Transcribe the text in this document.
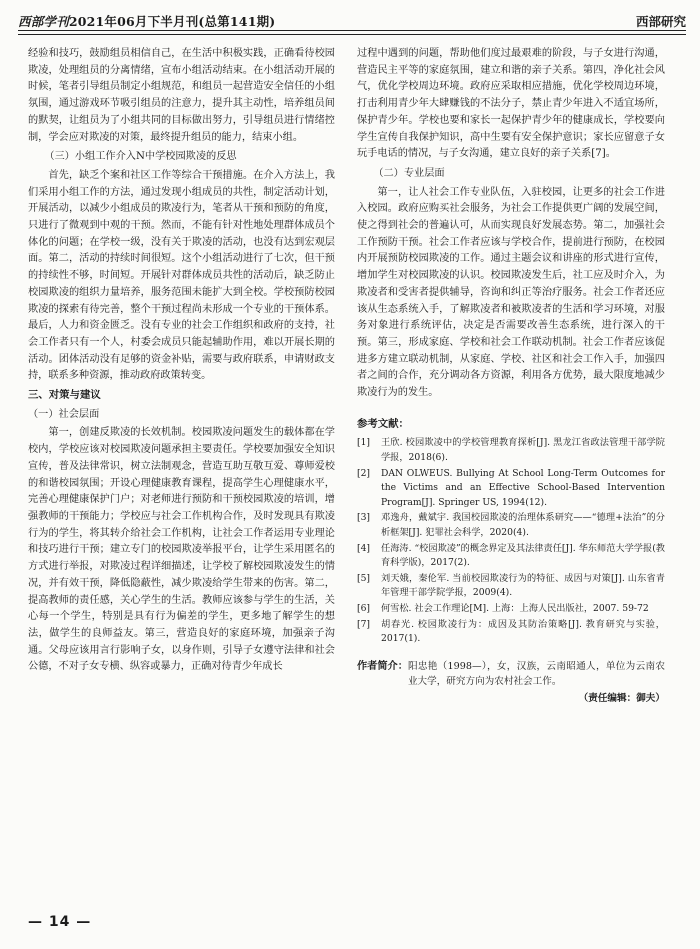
西部学刊2021年06月下半月刊(总第141期)	西部研究

经验和技巧，鼓励组员相信自己，在生活中积极实践，正确看待校园欺凌，处理组员的分离情绪，宣布小组活动结束。在小组活动开展的时候，笔者引导组员制定小组规范，和组员一起营造安全信任的小组氛围，通过游戏环节吸引组员的注意力，提升其主动性，培养组员间的默契，让组员为了小组共同的目标做出努力，引导组员进行情绪控制，学会应对欺凌的对策，最终提升组员的能力，结束小组。

（三）小组工作介入N中学校园欺凌的反思

首先，缺乏个案和社区工作等综合干预措施。在介入方法上，我们采用小组工作的方法，通过发现小组成员的共性，制定活动计划，开展活动，以减少小组成员的欺凌行为，笔者从干预和预防的角度，只进行了微观到中观的干预。然而，不能有针对性地处理群体成员个体化的问题；在学校一级，没有关于欺凌的活动，也没有达到宏观层面。第二，活动的持续时间很短。这个小组活动进行了七次，但干预的持续性不够，时间短。开展针对群体成员共性的活动后，缺乏防止校园欺凌的组织力量培养，服务范围未能扩大到全校。学校预防校园欺凌的探索有待完善，整个干预过程尚未形成一个专业的干预体系。最后，人力和资金匮乏。没有专业的社会工作组织和政府的支持，社会工作者只有一个人，村委会成员只能起辅助作用，难以开展长期的活动。团体活动没有足够的资金补贴，需要与政府联系，申请财政支持，联系多种资源，推动政府政策转变。

三、对策与建议
（一）社会层面

第一，创建反欺凌的长效机制。校园欺凌问题发生的载体都在学校内，学校应该对校园欺凌问题承担主要责任。学校要加强安全知识宣传，普及法律常识，树立法制观念，营造互助互敬互爱、尊师爱校的和谐校园氛围；开设心理健康教育课程，提高学生心理健康水平，完善心理健康保护门户；对老师进行预防和干预校园欺凌的培训，增强教师的干预能力；学校应与社会工作机构合作，及时发现具有欺凌行为的学生，将其转介给社会工作机构，让社会工作者运用专业理论和技巧进行干预；建立专门的校园欺凌举报平台，让学生采用匿名的方式进行举报，对欺凌过程详细描述，让学校了解校园欺凌发生的情况，并有效干预，降低隐蔽性，减少欺凌给学生带来的伤害。第二，提高教师的责任感，关心学生的生活。教师应该参与学生的生活，关心每一个学生，特别是具有行为偏差的学生，更多地了解学生的想法，做学生的良师益友。第三，营造良好的家庭环境，加强亲子沟通。父母应该用言行影响子女，以身作则，引导子女遵守法律和社会公德，不对子女专横、纵容或暴力，正确对待青少年成长

过程中遇到的问题，帮助他们度过最艰难的阶段，与子女进行沟通，营造民主平等的家庭氛围，建立和谐的亲子关系。第四，净化社会风气，优化学校周边环境。政府应采取相应措施，优化学校周边环境，打击利用青少年大肆赚钱的不法分子，禁止青少年进入不适宜场所，保护青少年。学校也要和家长一起保护青少年的健康成长，学校要向学生宣传自我保护知识，高中生要有安全保护意识；家长应留意子女玩手电话的情况，与子女沟通，建立良好的亲子关系[7]。

（二）专业层面

第一，让人社会工作专业队伍，入驻校园，让更多的社会工作进入校园。政府应购买社会服务，为社会工作提供更广阔的发展空间，使之得到社会的普遍认可，从而实现良好发展态势。第二，加强社会工作预防干预。社会工作者应该与学校合作，提前进行预防，在校园内开展预防校园欺凌的工作。通过主题会议和讲座的形式进行宣传，增加学生对校园欺凌的认识。校园欺凌发生后，社工应及时介入，为欺凌者和受害者提供辅导，咨询和纠正等治疗服务。社会工作者还应该从生态系统入手，了解欺凌者和被欺凌者的生活和学习环境，对服务对象进行系统评估，决定是否需要改善生态系统，进行深入的干预。第三，形成家庭、学校和社会工作联动机制。社会工作者应该促进多方建立联动机制，从家庭、学校、社区和社会工作入手，加强四者之间的合作，充分调动各方资源，利用各方优势，最大限度地减少欺凌行为的发生。

参考文献：
[1]	王欣. 校园欺凌中的学校管理教育探析[J]. 黑龙江省政法管理干部学院学报，2018(6).
[2]	DAN OLWEUS. Bullying At School Long-Term Outcomes for the Victims and an Effective School-Based Intervention Program[J]. Springer US, 1994(12).
[3]	邓逸舟，戴斌宇. 我国校园欺凌的治理体系研究——“德理+法治”的分析框架[J]. 犯罪社会科学，2020(4).
[4]	任海涛. “校园欺凌”的概念界定及其法律责任[J]. 华东师范大学学报(教育科学版)，2017(2).
[5]	刘天娥，秦伦军. 当前校园欺凌行为的特征、成因与对策[J]. 山东省青年管理干部学院学报，2009(4).
[6]	何雪松. 社会工作理论[M]. 上海：上海人民出版社，2007. 59-72
[7]	胡春光. 校园欺凌行为：成因及其防治策略[J]. 教育研究与实验，2017(1).
作者简介： 阳忠艳（1998—），女，汉族，云南昭通人，单位为云南农业大学，研究方向为农村社会工作。
（责任编辑：御夫）
— 14 —
